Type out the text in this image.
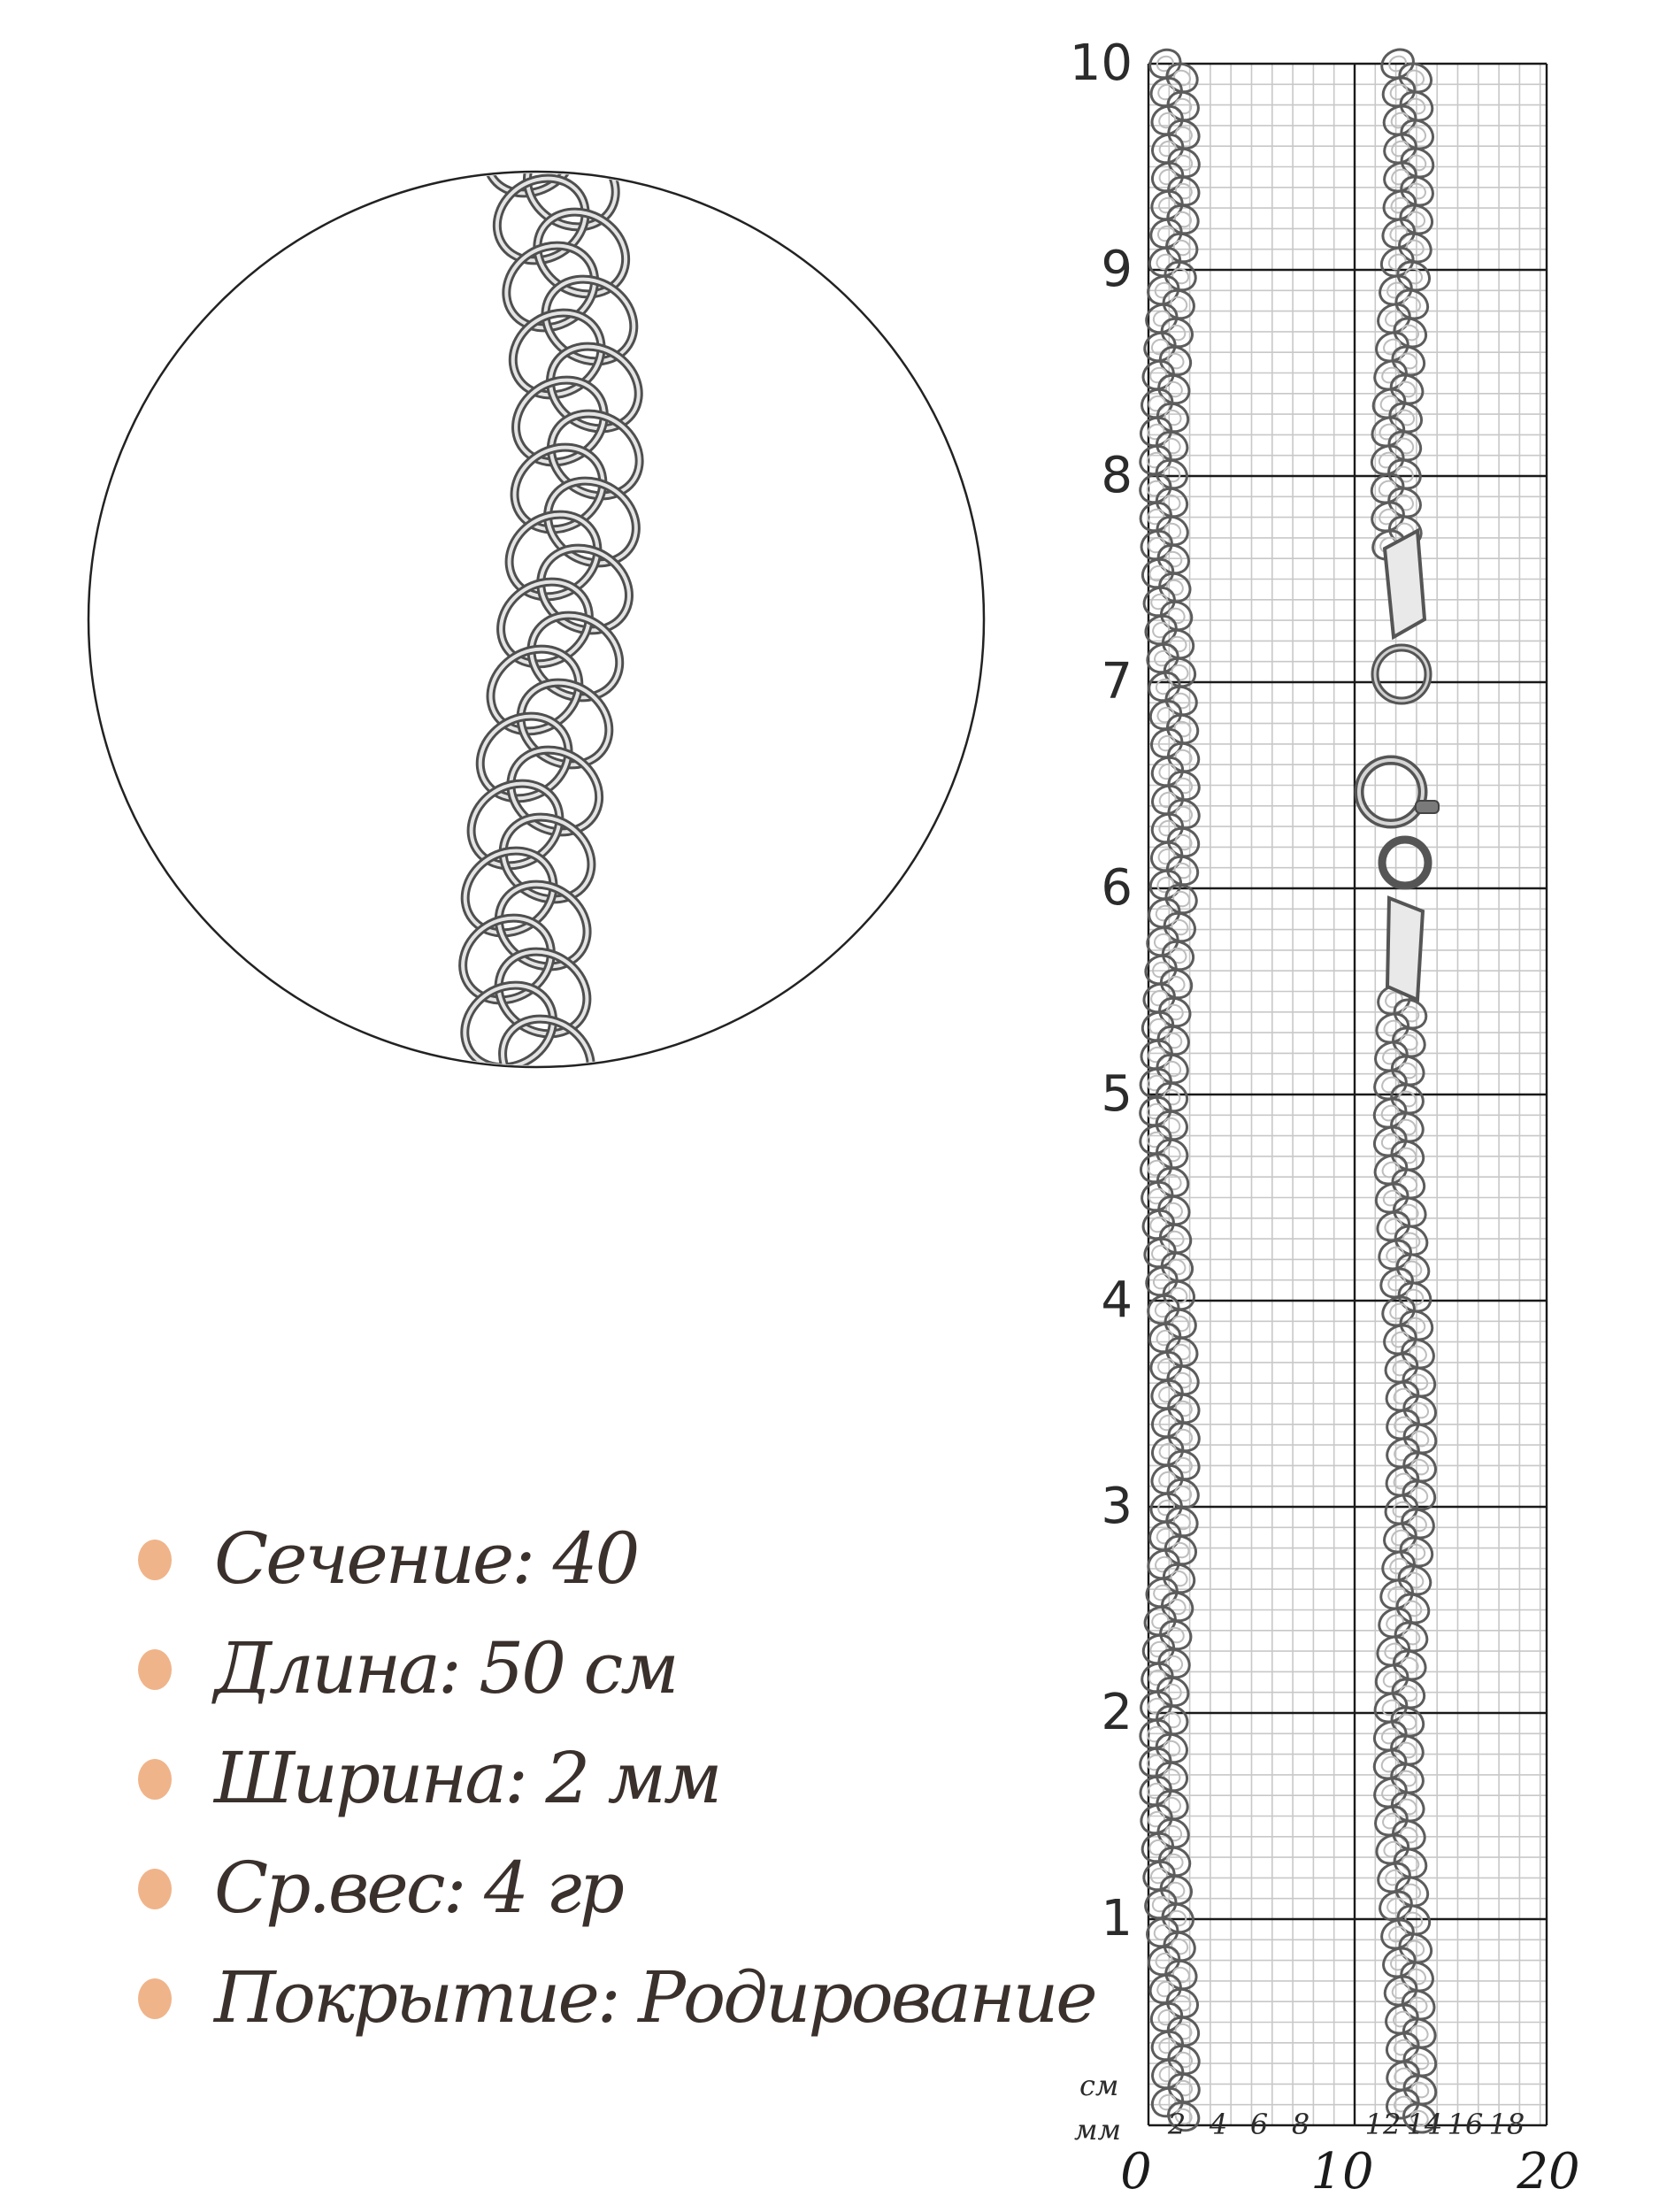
Сечение: 40
Длина: 50 см
Ширина: 2 мм
Ср.вес: 4 гр
Покрытие: Родирование
10
9
8
7
6
5
4
3
2
1
см
мм	2 4 6 8	12 14 16 18
0	10	20
